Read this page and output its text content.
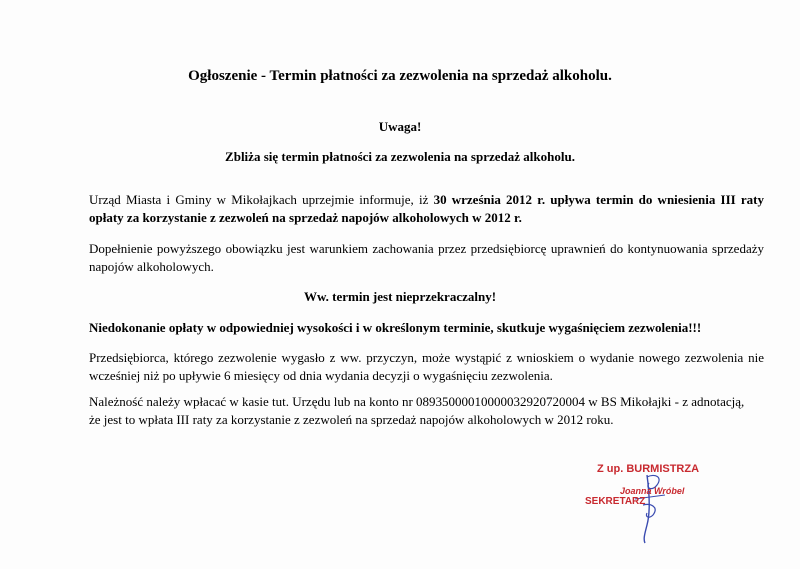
Ogłoszenie - Termin płatności za zezwolenia na sprzedaż alkoholu.
Uwaga!
Zbliża się termin płatności za zezwolenia na sprzedaż alkoholu.
Urząd Miasta i Gminy w Mikołajkach uprzejmie informuje, iż 30 września 2012 r. upływa termin do wniesienia III raty opłaty za korzystanie z zezwoleń na sprzedaż napojów alkoholowych w 2012 r.
Dopełnienie powyższego obowiązku jest warunkiem zachowania przez przedsiębiorcę uprawnień do kontynuowania sprzedaży napojów alkoholowych.
Ww. termin jest nieprzekraczalny!
Niedokonanie opłaty w odpowiedniej wysokości i w określonym terminie, skutkuje wygaśnięciem zezwolenia!!!
Przedsiębiorca, którego zezwolenie wygasło z ww. przyczyn, może wystąpić z wnioskiem o wydanie nowego zezwolenia nie wcześniej niż po upływie 6 miesięcy od dnia wydania decyzji o wygaśnięciu zezwolenia.
Należność należy wpłacać w kasie tut. Urzędu lub na konto nr 08935000010000032920720004 w BS Mikołajki - z adnotacją, że jest to wpłata III raty za korzystanie z zezwoleń na sprzedaż napojów alkoholowych w 2012 roku.
Z up. BURMISTRZA
Joanna Wróbel
SEKRETARZ
